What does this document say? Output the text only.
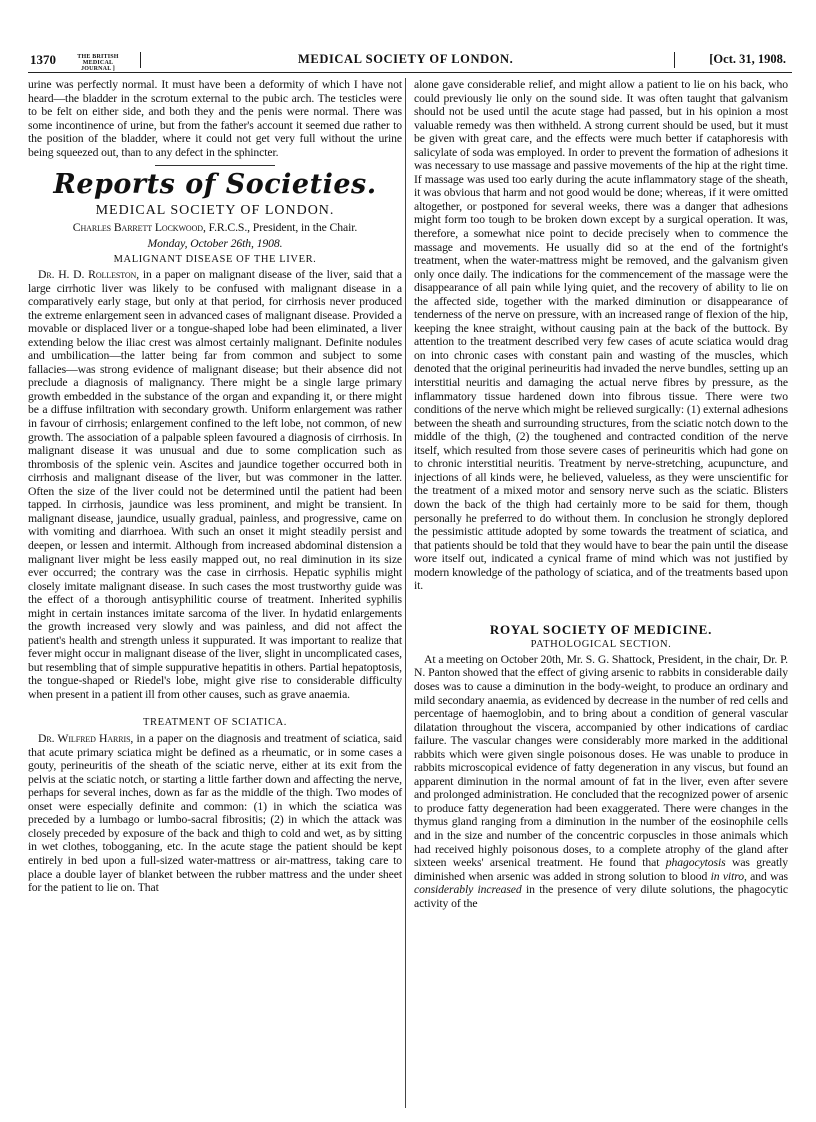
1370	THE BRITISH MEDICAL JOURNAL ]
MEDICAL SOCIETY OF LONDON.	[Oct. 31, 1908.

urine was perfectly normal. It must have been a deformity of which I have not heard—the bladder in the scrotum external to the pubic arch. The testicles were to be felt on either side, and both they and the penis were normal. There was some incontinence of urine, but from the father's account it seemed due rather to the position of the bladder, where it could not get very full without the urine being squeezed out, than to any defect in the sphincter.

Reports of Societies.
MEDICAL SOCIETY OF LONDON.

Charles Barrett Lockwood, F.R.C.S., President, in the Chair.

Monday, October 26th, 1908.
MALIGNANT DISEASE OF THE LIVER.

Dr. H. D. Rolleston, in a paper on malignant disease of the liver, said that a large cirrhotic liver was likely to be confused with malignant disease in a comparatively early stage, but only at that period, for cirrhosis never produced the extreme enlargement seen in advanced cases of malignant disease. Provided a movable or displaced liver or a tongue-shaped lobe had been eliminated, a liver extending below the iliac crest was almost certainly malignant. Definite nodules and umbilication—the latter being far from common and subject to some fallacies—was strong evidence of malignant disease; but their absence did not preclude a diagnosis of malignancy. There might be a single large primary growth embedded in the substance of the organ and expanding it, or there might be a diffuse infiltration with secondary growth. Uniform enlargement was rather in favour of cirrhosis; enlargement confined to the left lobe, not common, of new growth. The association of a palpable spleen favoured a diagnosis of cirrhosis. In malignant disease it was unusual and due to some complication such as thrombosis of the splenic vein. Ascites and jaundice together occurred both in cirrhosis and malignant disease of the liver, but was commoner in the latter. Often the size of the liver could not be determined until the patient had been tapped. In cirrhosis, jaundice was less prominent, and might be transient. In malignant disease, jaundice, usually gradual, painless, and progressive, came on with vomiting and diarrhoea. With such an onset it might steadily persist and deepen, or lessen and intermit. Although from increased abdominal distension a malignant liver might be less easily mapped out, no real diminution in its size ever occurred; the contrary was the case in cirrhosis. Hepatic syphilis might closely imitate malignant disease. In such cases the most trustworthy guide was the effect of a thorough antisyphilitic course of treatment. Inherited syphilis might in certain instances imitate sarcoma of the liver. In hydatid enlargements the growth increased very slowly and was painless, and did not affect the patient's health and strength unless it suppurated. It was important to realize that fever might occur in malignant disease of the liver, slight in uncomplicated cases, but resembling that of simple suppurative hepatitis in others. Partial hepatoptosis, the tongue-shaped or Riedel's lobe, might give rise to considerable difficulty when present in a patient ill from other causes, such as grave anaemia.

TREATMENT OF SCIATICA.

Dr. Wilfred Harris, in a paper on the diagnosis and treatment of sciatica, said that acute primary sciatica might be defined as a rheumatic, or in some cases a gouty, perineuritis of the sheath of the sciatic nerve, either at its exit from the pelvis at the sciatic notch, or starting a little farther down and affecting the nerve, perhaps for several inches, down as far as the middle of the thigh. Two modes of onset were especially definite and common: (1) in which the sciatica was preceded by a lumbago or lumbo-sacral fibrositis; (2) in which the attack was closely preceded by exposure of the back and thigh to cold and wet, as by sitting in wet clothes, tobogganing, etc. In the acute stage the patient should be kept entirely in bed upon a full-sized water-mattress or air-mattress, taking care to place a double layer of blanket between the rubber mattress and the under sheet for the patient to lie on. That

alone gave considerable relief, and might allow a patient to lie on his back, who could previously lie only on the sound side. It was often taught that galvanism should not be used until the acute stage had passed, but in his opinion a most valuable remedy was then withheld. A strong current should be used, but it must be given with great care, and the effects were much better if cataphoresis with salicylate of soda was employed. In order to prevent the formation of adhesions it was necessary to use massage and passive movements of the hip at the right time. If massage was used too early during the acute inflammatory stage of the sheath, it was obvious that harm and not good would be done; whereas, if it were omitted altogether, or postponed for several weeks, there was a danger that adhesions might form too tough to be broken down except by a surgical operation. It was, therefore, a somewhat nice point to decide precisely when to commence the massage and movements. He usually did so at the end of the fortnight's treatment, when the water-mattress might be removed, and the galvanism given only once daily. The indications for the commencement of the massage were the disappearance of all pain while lying quiet, and the recovery of ability to lie on the affected side, together with the marked diminution or disappearance of tenderness of the nerve on pressure, with an increased range of flexion of the hip, keeping the knee straight, without causing pain at the back of the buttock. By attention to the treatment described very few cases of acute sciatica would drag on into chronic cases with constant pain and wasting of the muscles, which denoted that the original perineuritis had invaded the nerve bundles, setting up an interstitial neuritis and damaging the actual nerve fibres by pressure, as the inflammatory tissue hardened down into fibrous tissue. There were two conditions of the nerve which might be relieved surgically: (1) external adhesions between the sheath and surrounding structures, from the sciatic notch down to the middle of the thigh, (2) the toughened and contracted condition of the nerve itself, which resulted from those severe cases of perineuritis which had gone on to chronic interstitial neuritis. Treatment by nerve-stretching, acupuncture, and injections of all kinds were, he believed, valueless, as they were unscientific for the treatment of a mixed motor and sensory nerve such as the sciatic. Blisters down the back of the thigh had certainly more to be said for them, though personally he preferred to do without them. In conclusion he strongly deplored the pessimistic attitude adopted by some towards the treatment of sciatica, and that patients should be told that they would have to bear the pain until the disease wore itself out, indicated a cynical frame of mind which was not justified by modern knowledge of the pathology of sciatica, and of the treatments based upon it.

ROYAL SOCIETY OF MEDICINE.
PATHOLOGICAL SECTION.

At a meeting on October 20th, Mr. S. G. Shattock, President, in the chair, Dr. P. N. Panton showed that the effect of giving arsenic to rabbits in considerable daily doses was to cause a diminution in the body-weight, to produce an ordinary and mild secondary anaemia, as evidenced by decrease in the number of red cells and percentage of haemoglobin, and to bring about a condition of general vascular dilatation throughout the viscera, accompanied by other indications of cardiac failure. The vascular changes were considerably more marked in the additional rabbits which were given single poisonous doses. He was unable to produce in rabbits microscopical evidence of fatty degeneration in any viscus, but found an apparent diminution in the normal amount of fat in the liver, even after severe and prolonged administration. He concluded that the recognized power of arsenic to produce fatty degeneration had been exaggerated. There were changes in the thymus gland ranging from a diminution in the number of the eosinophile cells and in the size and number of the concentric corpuscles in those animals which had received highly poisonous doses, to a complete atrophy of the gland after sixteen weeks' arsenical treatment. He found that phagocytosis was greatly diminished when arsenic was added in strong solution to blood in vitro, and was considerably increased in the presence of very dilute solutions, the phagocytic activity of the
